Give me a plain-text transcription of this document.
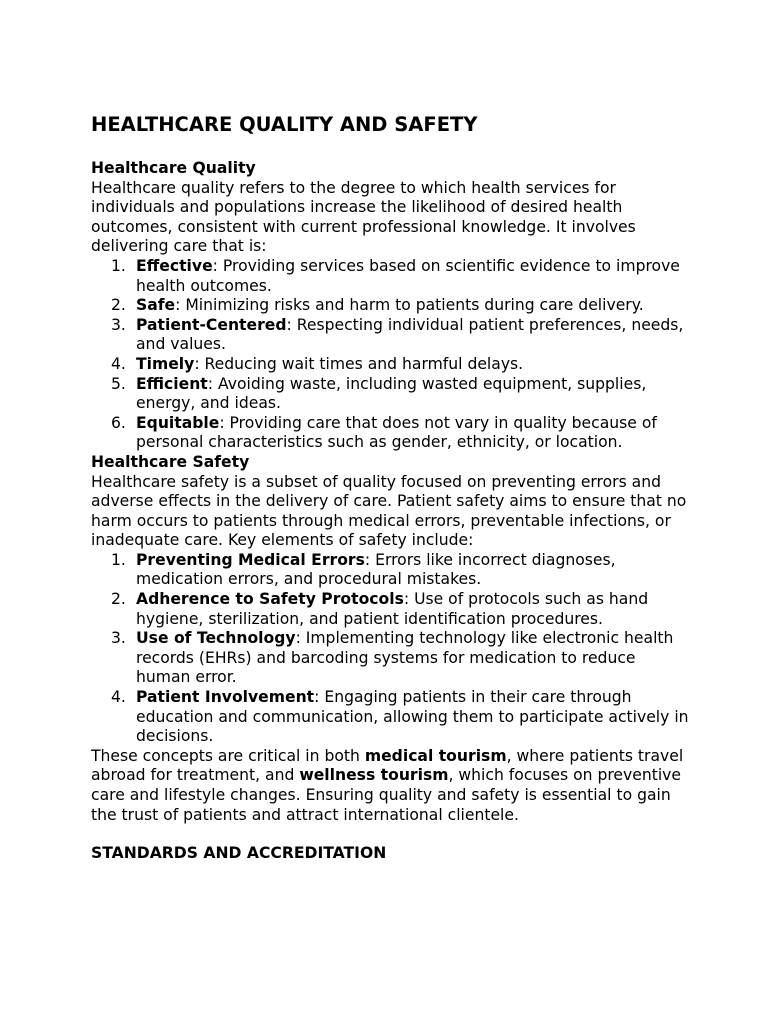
HEALTHCARE QUALITY AND SAFETY
Healthcare Quality
Healthcare quality refers to the degree to which health services for individuals and populations increase the likelihood of desired health outcomes, consistent with current professional knowledge. It involves delivering care that is:
1. Effective: Providing services based on scientific evidence to improve health outcomes.
2. Safe: Minimizing risks and harm to patients during care delivery.
3. Patient-Centered: Respecting individual patient preferences, needs, and values.
4. Timely: Reducing wait times and harmful delays.
5. Efficient: Avoiding waste, including wasted equipment, supplies, energy, and ideas.
6. Equitable: Providing care that does not vary in quality because of personal characteristics such as gender, ethnicity, or location.
Healthcare Safety
Healthcare safety is a subset of quality focused on preventing errors and adverse effects in the delivery of care. Patient safety aims to ensure that no harm occurs to patients through medical errors, preventable infections, or inadequate care. Key elements of safety include:
1. Preventing Medical Errors: Errors like incorrect diagnoses, medication errors, and procedural mistakes.
2. Adherence to Safety Protocols: Use of protocols such as hand hygiene, sterilization, and patient identification procedures.
3. Use of Technology: Implementing technology like electronic health records (EHRs) and barcoding systems for medication to reduce human error.
4. Patient Involvement: Engaging patients in their care through education and communication, allowing them to participate actively in decisions.
These concepts are critical in both medical tourism, where patients travel abroad for treatment, and wellness tourism, which focuses on preventive care and lifestyle changes. Ensuring quality and safety is essential to gain the trust of patients and attract international clientele.
STANDARDS AND ACCREDITATION
